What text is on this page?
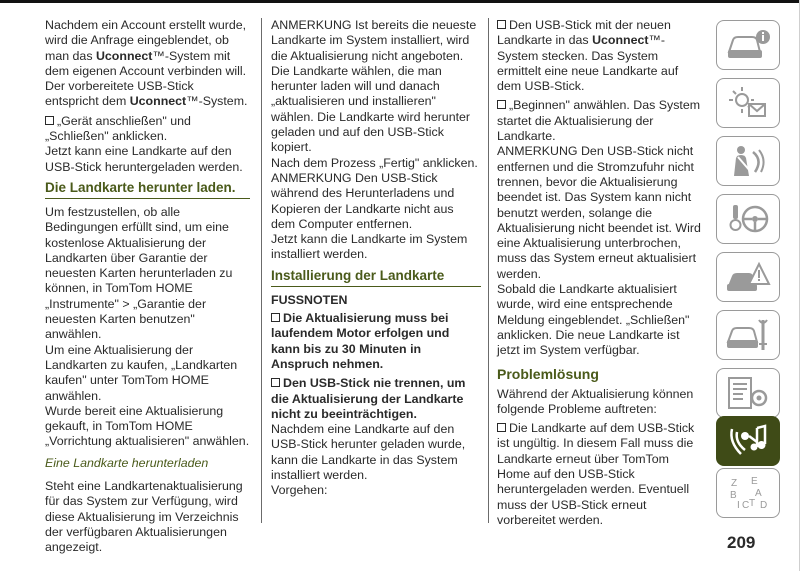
Nachdem ein Account erstellt wurde, wird die Anfrage eingeblendet, ob man das Uconnect™-System mit dem eigenen Account verbinden will. Der vorbereitete USB-Stick entspricht dem Uconnect™-System.

„Gerät anschließen" und „Schließen" anklicken.

Jetzt kann eine Landkarte auf den USB-Stick heruntergeladen werden.

Die Landkarte herunter laden.

Um festzustellen, ob alle Bedingungen erfüllt sind, um eine kostenlose Aktualisierung der Landkarten über Garantie der neuesten Karten herunterladen zu können, in TomTom HOME „Instrumente" > „Garantie der neuesten Karten benutzen" anwählen.

Um eine Aktualisierung der Landkarten zu kaufen, „Landkarten kaufen" unter TomTom HOME anwählen.

Wurde bereit eine Aktualisierung gekauft, in TomTom HOME „Vorrichtung aktualisieren" anwählen.

Eine Landkarte herunterladen

Steht eine Landkartenaktualisierung für das System zur Verfügung, wird diese Aktualisierung im Verzeichnis der verfügbaren Aktualisierungen angezeigt.

ANMERKUNG Ist bereits die neueste Landkarte im System installiert, wird die Aktualisierung nicht angeboten.

Die Landkarte wählen, die man herunter laden will und danach „aktualisieren und installieren" wählen. Die Landkarte wird herunter geladen und auf den USB-Stick kopiert.

Nach dem Prozess „Fertig" anklicken.

ANMERKUNG Den USB-Stick während des Herunterladens und Kopieren der Landkarte nicht aus dem Computer entfernen.

Jetzt kann die Landkarte im System installiert werden.

Installierung der Landkarte
FUSSNOTEN

Die Aktualisierung muss bei laufendem Motor erfolgen und kann bis zu 30 Minuten in Anspruch nehmen.

Den USB-Stick nie trennen, um die Aktualisierung der Landkarte nicht zu beeinträchtigen.

Nachdem eine Landkarte auf den USB-Stick herunter geladen wurde, kann die Landkarte in das System installiert werden.

Vorgehen:

Den USB-Stick mit der neuen Landkarte in das Uconnect™-System stecken. Das System ermittelt eine neue Landkarte auf dem USB-Stick.

„Beginnen" anwählen. Das System startet die Aktualisierung der Landkarte.

ANMERKUNG Den USB-Stick nicht entfernen und die Stromzufuhr nicht trennen, bevor die Aktualisierung beendet ist. Das System kann nicht benutzt werden, solange die Aktualisierung nicht beendet ist. Wird eine Aktualisierung unterbrochen, muss das System erneut aktualisiert werden.

Sobald die Landkarte aktualisiert wurde, wird eine entsprechende Meldung eingeblendet. „Schließen" anklicken. Die neue Landkarte ist jetzt im System verfügbar.

Problemlösung

Während der Aktualisierung können folgende Probleme auftreten:

Die Landkarte auf dem USB-Stick ist ungültig. In diesem Fall muss die Landkarte erneut über TomTom Home auf den USB-Stick heruntergeladen werden. Eventuell muss der USB-Stick erneut vorbereitet werden.

Z E
B A
I C T D
209
